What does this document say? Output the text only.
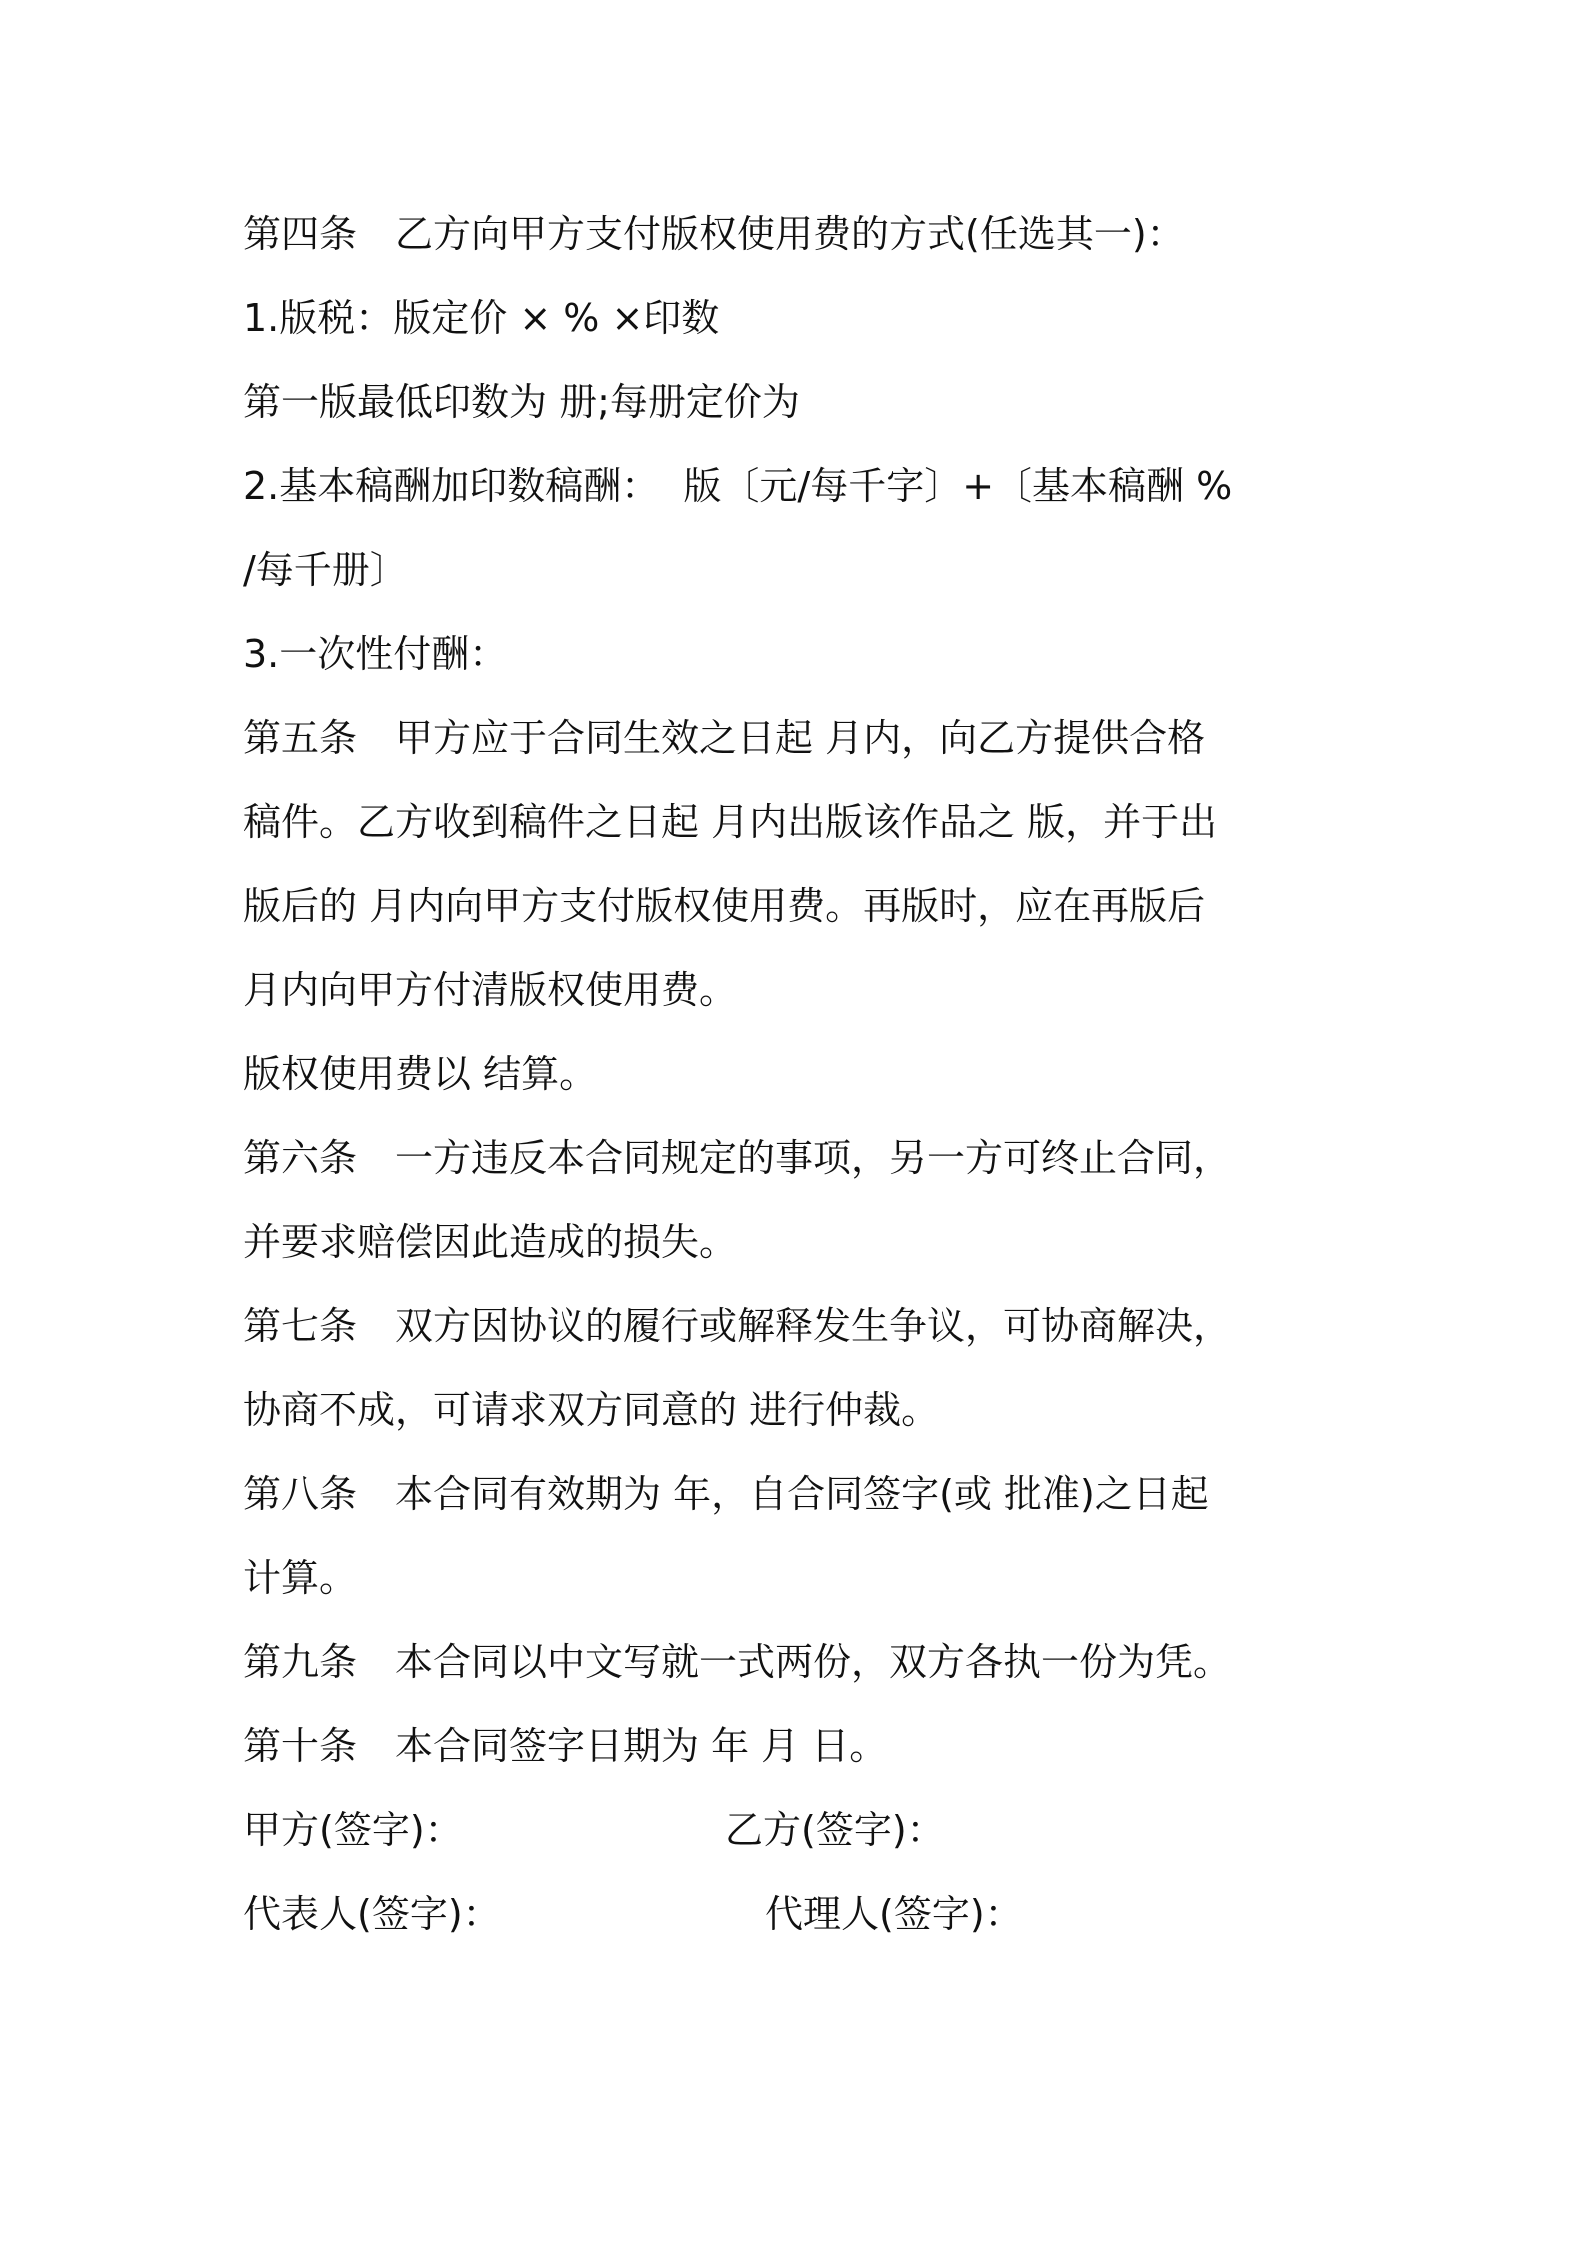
第四条　乙方向甲方支付版权使用费的方式(任选其一)：
1.版税：版定价 × % ×印数
第一版最低印数为 册;每册定价为
2.基本稿酬加印数稿酬：  版〔元/每千字〕+〔基本稿酬 %
/每千册〕
3.一次性付酬：
第五条　甲方应于合同生效之日起 月内，向乙方提供合格
稿件。乙方收到稿件之日起 月内出版该作品之 版，并于出
版后的 月内向甲方支付版权使用费。再版时，应在再版后
月内向甲方付清版权使用费。
版权使用费以 结算。
第六条　一方违反本合同规定的事项，另一方可终止合同，
并要求赔偿因此造成的损失。
第七条　双方因协议的履行或解释发生争议，可协商解决，
协商不成，可请求双方同意的 进行仲裁。
第八条　本合同有效期为 年，自合同签字(或 批准)之日起
计算。
第九条　本合同以中文写就一式两份，双方各执一份为凭。
第十条　本合同签字日期为 年 月 日。

甲方(签字)：

	乙方(签字)：

代表人(签字)：

	代理人(签字)：
